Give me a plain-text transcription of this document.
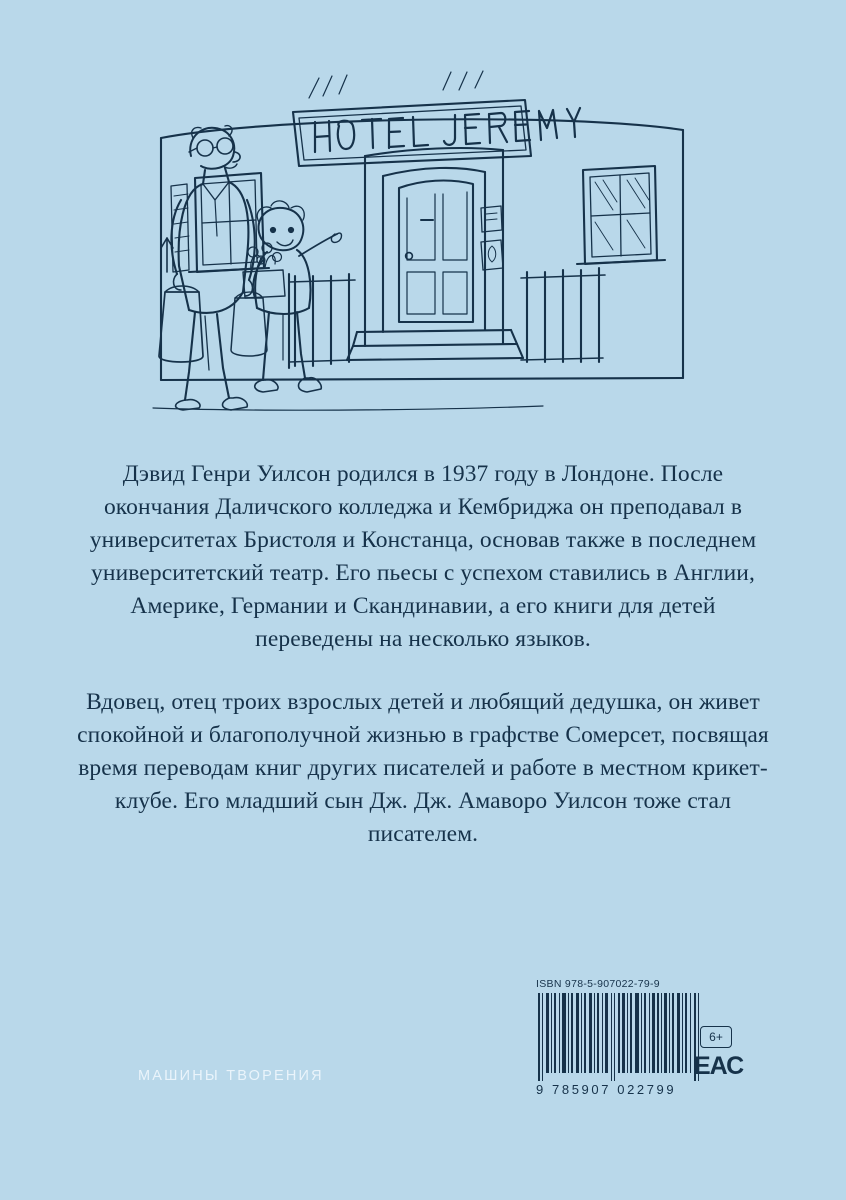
Дэвид Генри Уилсон родился в 1937 году в Лондоне. После окончания Даличского колледжа и Кембриджа он преподавал в университетах Бристоля и Констанца, основав также в последнем университетский театр. Его пьесы с успехом ставились в Англии, Америке, Германии и Скандинавии, а его книги для детей переведены на несколько языков.

Вдовец, отец троих взрослых детей и любящий дедушка, он живет спокойной и благополучной жизнью в графстве Сомерсет, посвящая время переводам книг других писателей и работе в местном крикет-клубе. Его младший сын Дж. Дж. Амаворо Уилсон тоже стал писателем.

МАШИНЫ ТВОРЕНИЯ
ISBN 978-5-907022-79-9
9 785907 022799
6+
ЕАС
